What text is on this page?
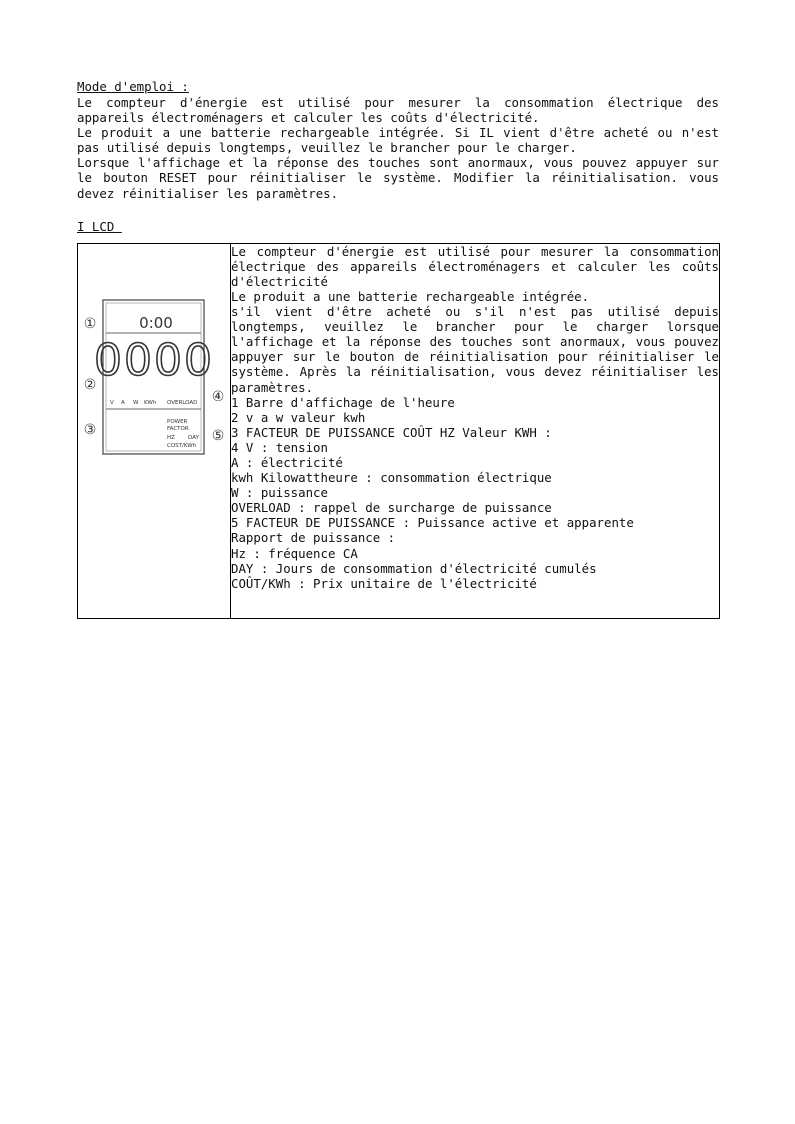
Mode d'emploi :

Le compteur d'énergie est utilisé pour mesurer la consommation électrique des appareils électroménagers et calculer les coûts d'électricité.

Le produit a une batterie rechargeable intégrée. Si IL vient d'être acheté ou n'est pas utilisé depuis longtemps, veuillez le brancher pour le charger.

Lorsque l'affichage et la réponse des touches sont anormaux, vous pouvez appuyer sur le bouton RESET pour réinitialiser le système. Modifier la réinitialisation. vous devez réinitialiser les paramètres.

I LCD
0:00
0000
V A W KWh OVERLOAD
POWER
FACTOR
HZ DAY
COST/KWh
①
②
③
④
⑤

Le compteur d'énergie est utilisé pour mesurer la consommation électrique des appareils électroménagers et calculer les coûts d'électricité
Le produit a une batterie rechargeable intégrée.
s'il vient d'être acheté ou s'il n'est pas utilisé depuis longtemps, veuillez le brancher pour le charger lorsque l'affichage et la réponse des touches sont anormaux, vous pouvez appuyer sur le bouton de réinitialisation pour réinitialiser le système. Après la réinitialisation, vous devez réinitialiser les paramètres.
1 Barre d'affichage de l'heure
2 v a w valeur kwh
3 FACTEUR DE PUISSANCE COÛT HZ Valeur KWH :
4 V : tension
A : électricité
kwh Kilowattheure : consommation électrique
W : puissance
OVERLOAD : rappel de surcharge de puissance
5 FACTEUR DE PUISSANCE : Puissance active et apparente
Rapport de puissance :
Hz : fréquence CA
DAY : Jours de consommation d'électricité cumulés
COÛT/KWh : Prix unitaire de l'électricité
